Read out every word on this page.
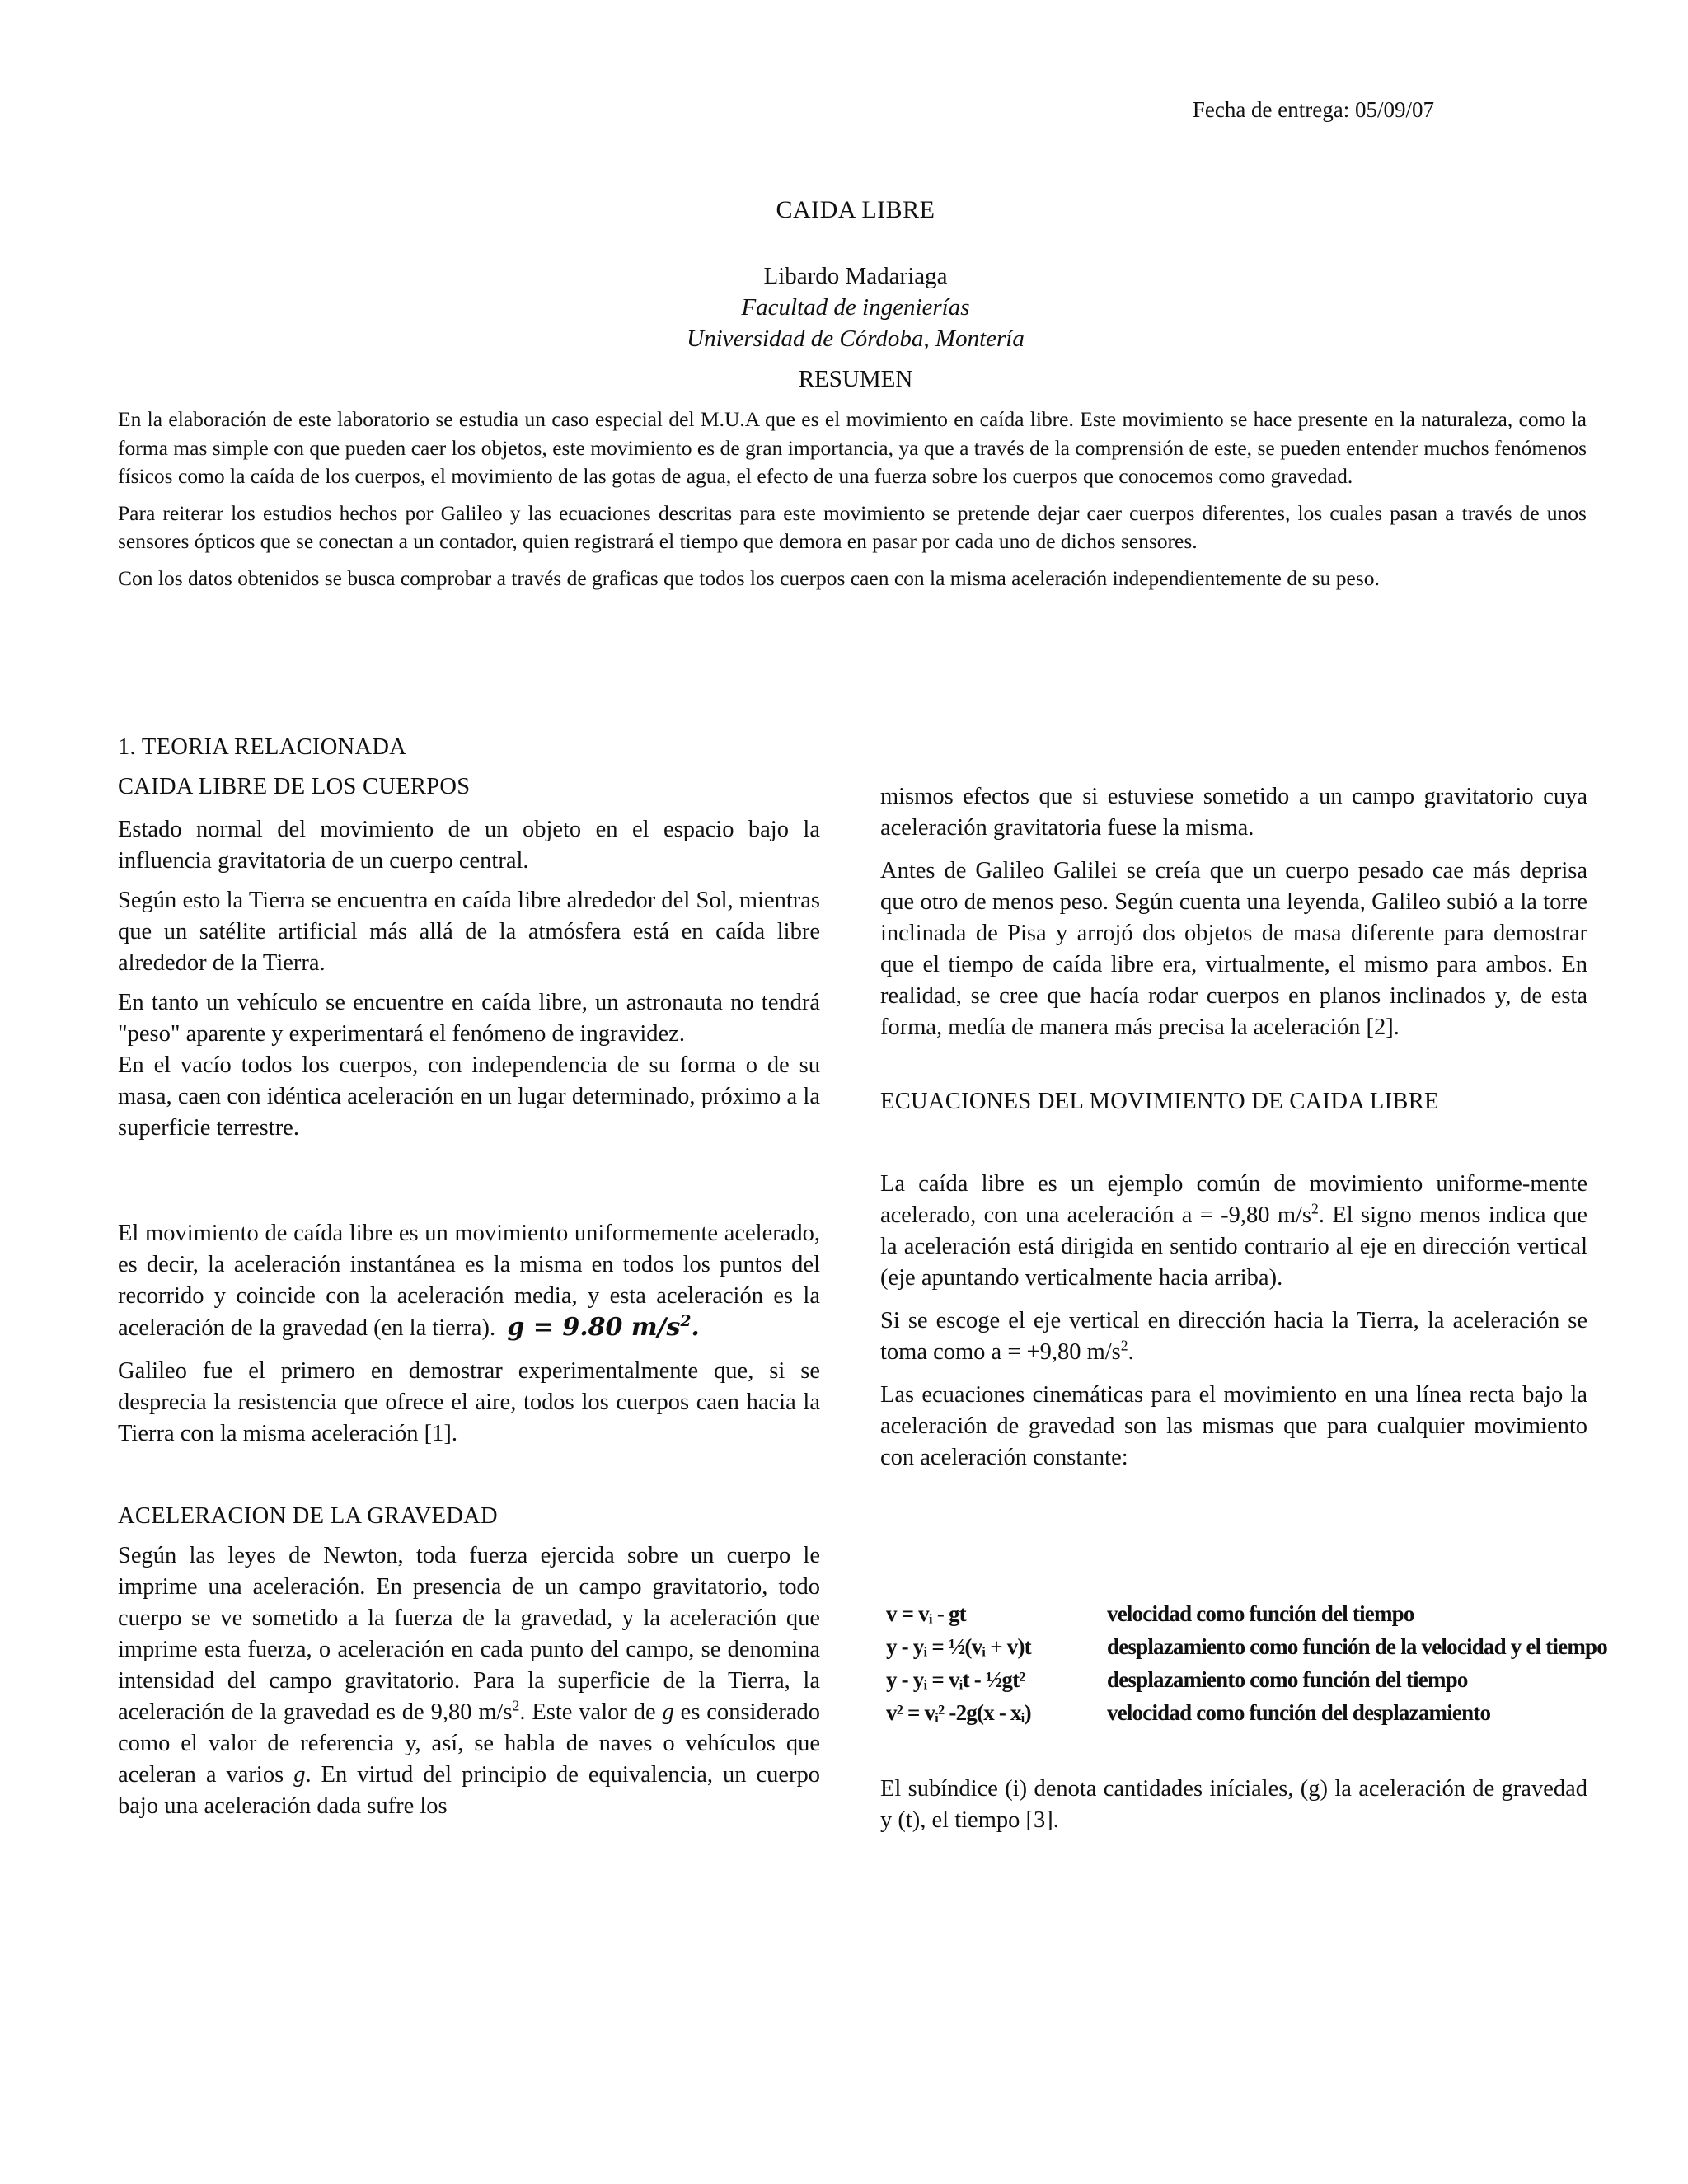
Fecha de entrega: 05/09/07
CAIDA LIBRE
Libardo Madariaga
Facultad de ingenierías
Universidad de Córdoba, Montería
RESUMEN

En la elaboración de este laboratorio se estudia un caso especial del M.U.A que es el movimiento en caída libre. Este movimiento se hace presente en la naturaleza, como la forma mas simple con que pueden caer los objetos, este movimiento es de gran importancia, ya que a través de la comprensión de este, se pueden entender muchos fenómenos físicos como la caída de los cuerpos, el movimiento de las gotas de agua, el efecto de una fuerza sobre los cuerpos que conocemos como gravedad.

Para reiterar los estudios hechos por Galileo y las ecuaciones descritas para este movimiento se pretende dejar caer cuerpos diferentes, los cuales pasan a través de unos sensores ópticos que se conectan a un contador, quien registrará el tiempo que demora en pasar por cada uno de dichos sensores.

Con los datos obtenidos se busca comprobar a través de graficas que todos los cuerpos caen con la misma aceleración independientemente de su peso.

1. TEORIA RELACIONADA
CAIDA LIBRE DE LOS CUERPOS

Estado normal del movimiento de un objeto en el espacio bajo la influencia gravitatoria de un cuerpo central.

Según esto la Tierra se encuentra en caída libre alrededor del Sol, mientras que un satélite artificial más allá de la atmósfera está en caída libre alrededor de la Tierra.

En tanto un vehículo se encuentre en caída libre, un astronauta no tendrá "peso" aparente y experimentará el fenómeno de ingravidez.

En el vacío todos los cuerpos, con independencia de su forma o de su masa, caen con idéntica aceleración en un lugar determinado, próximo a la superficie terrestre.

El movimiento de caída libre es un movimiento uniformemente acelerado, es decir, la aceleración instantánea es la misma en todos los puntos del recorrido y coincide con la aceleración media, y esta aceleración es la aceleración de la gravedad (en la tierra). g = 9.80 $m/s^2$.

Galileo fue el primero en demostrar experimentalmente que, si se desprecia la resistencia que ofrece el aire, todos los cuerpos caen hacia la Tierra con la misma aceleración [1].

ACELERACION DE LA GRAVEDAD

Según las leyes de Newton, toda fuerza ejercida sobre un cuerpo le imprime una aceleración. En presencia de un campo gravitatorio, todo cuerpo se ve sometido a la fuerza de la gravedad, y la aceleración que imprime esta fuerza, o aceleración en cada punto del campo, se denomina intensidad del campo gravitatorio. Para la superficie de la Tierra, la aceleración de la gravedad es de 9,80 $m/s^2$. Este valor de g es considerado como el valor de referencia y, así, se habla de naves o vehículos que aceleran a varios g. En virtud del principio de equivalencia, un cuerpo bajo una aceleración dada sufre los

mismos efectos que si estuviese sometido a un campo gravitatorio cuya aceleración gravitatoria fuese la misma.

Antes de Galileo Galilei se creía que un cuerpo pesado cae más deprisa que otro de menos peso. Según cuenta una leyenda, Galileo subió a la torre inclinada de Pisa y arrojó dos objetos de masa diferente para demostrar que el tiempo de caída libre era, virtualmente, el mismo para ambos. En realidad, se cree que hacía rodar cuerpos en planos inclinados y, de esta forma, medía de manera más precisa la aceleración [2].

ECUACIONES DEL MOVIMIENTO DE CAIDA LIBRE

La caída libre es un ejemplo común de movimiento uniforme-mente acelerado, con una aceleración a = -9,80 $m/s^2$. El signo menos indica que la aceleración está dirigida en sentido contrario al eje en dirección vertical (eje apuntando verticalmente hacia arriba).

Si se escoge el eje vertical en dirección hacia la Tierra, la aceleración se toma como a = +9,80 $m/s^2$.

Las ecuaciones cinemáticas para el movimiento en una línea recta bajo la aceleración de gravedad son las mismas que para cualquier movimiento con aceleración constante:

v = vᵢ - gt	velocidad como función del tiempo
y - yᵢ = ½(vᵢ + v)t	desplazamiento como función de la velocidad y el tiempo
y - yᵢ = vᵢt - ½gt²	desplazamiento como función del tiempo
v² = vᵢ² -2g(x - xᵢ)	velocidad como función del desplazamiento

El subíndice (i) denota cantidades iníciales, (g) la aceleración de gravedad y (t), el tiempo [3].
